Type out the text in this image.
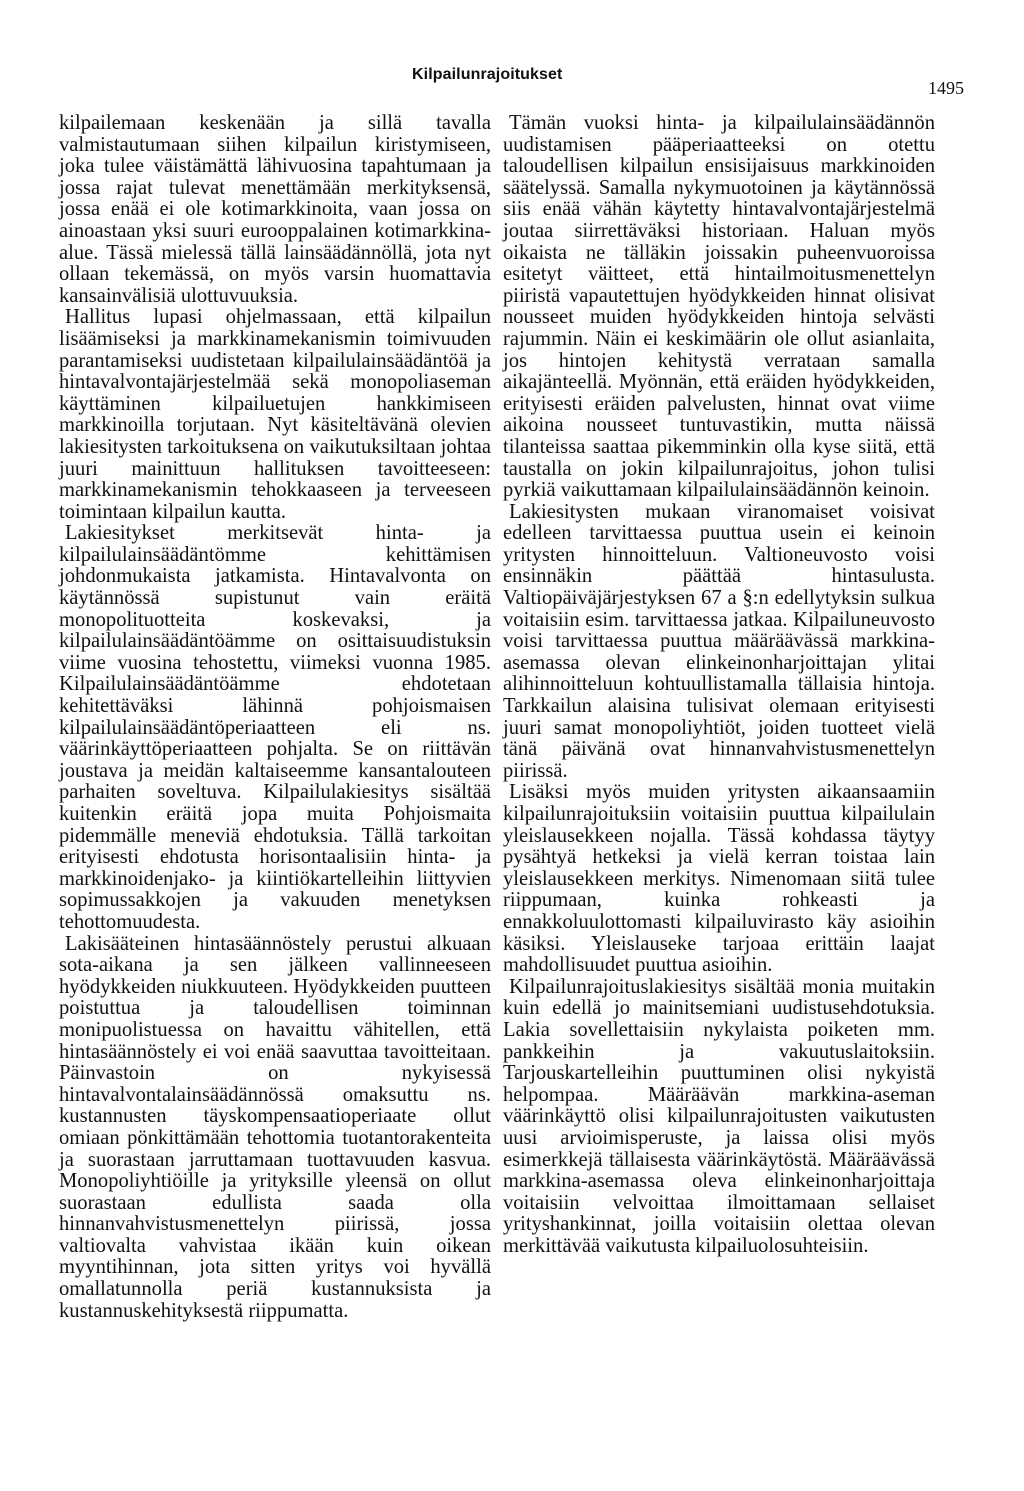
Kilpailunrajoitukset
1495

kilpailemaan keskenään ja sillä tavalla valmistautumaan siihen kilpailun kiristymiseen, joka tulee väistämättä lähivuosina tapahtumaan ja jossa rajat tulevat menettämään merkityksensä, jossa enää ei ole kotimarkkinoita, vaan jossa on ainoastaan yksi suuri eurooppalainen kotimarkkina-alue. Tässä mielessä tällä lainsäädännöllä, jota nyt ollaan tekemässä, on myös varsin huomattavia kansainvälisiä ulottuvuuksia.

Hallitus lupasi ohjelmassaan, että kilpailun lisäämiseksi ja markkinamekanismin toimivuuden parantamiseksi uudistetaan kilpailulainsäädäntöä ja hintavalvontajärjestelmää sekä monopoliaseman käyttäminen kilpailuetujen hankkimiseen markkinoilla torjutaan. Nyt käsiteltävänä olevien lakiesitysten tarkoituksena on vaikutuksiltaan johtaa juuri mainittuun hallituksen tavoitteeseen: markkinamekanismin tehokkaaseen ja terveeseen toimintaan kilpailun kautta.

Lakiesitykset merkitsevät hinta- ja kilpailulainsäädäntömme kehittämisen johdonmukaista jatkamista. Hintavalvonta on käytännössä supistunut vain eräitä monopolituotteita koskevaksi, ja kilpailulainsäädäntöämme on osittaisuudistuksin viime vuosina tehostettu, viimeksi vuonna 1985. Kilpailulainsäädäntöämme ehdotetaan kehitettäväksi lähinnä pohjoismaisen kilpailulainsäädäntöperiaatteen eli ns. väärinkäyttöperiaatteen pohjalta. Se on riittävän joustava ja meidän kaltaiseemme kansantalouteen parhaiten soveltuva. Kilpailulakiesitys sisältää kuitenkin eräitä jopa muita Pohjoismaita pidemmälle meneviä ehdotuksia. Tällä tarkoitan erityisesti ehdotusta horisontaalisiin hinta- ja markkinoidenjako- ja kiintiökartelleihin liittyvien sopimussakkojen ja vakuuden menetyksen tehottomuudesta.

Lakisääteinen hintasäännöstely perustui alkuaan sota-aikana ja sen jälkeen vallinneeseen hyödykkeiden niukkuuteen. Hyödykkeiden puutteen poistuttua ja taloudellisen toiminnan monipuolistuessa on havaittu vähitellen, että hintasäännöstely ei voi enää saavuttaa tavoitteitaan. Päinvastoin on nykyisessä hintavalvontalainsäädännössä omaksuttu ns. kustannusten täyskompensaatioperiaate ollut omiaan pönkittämään tehottomia tuotantorakenteita ja suorastaan jarruttamaan tuottavuuden kasvua. Monopoliyhtiöille ja yrityksille yleensä on ollut suorastaan edullista saada olla hinnanvahvistusmenettelyn piirissä, jossa valtiovalta vahvistaa ikään kuin oikean myyntihinnan, jota sitten yritys voi hyvällä omallatunnolla periä kustannuksista ja kustannuskehityksestä riippumatta.

Tämän vuoksi hinta- ja kilpailulainsäädännön uudistamisen pääperiaatteeksi on otettu taloudellisen kilpailun ensisijaisuus markkinoiden säätelyssä. Samalla nykymuotoinen ja käytännössä siis enää vähän käytetty hintavalvontajärjestelmä joutaa siirrettäväksi historiaan. Haluan myös oikaista ne tälläkin joissakin puheenvuoroissa esitetyt väitteet, että hintailmoitusmenettelyn piiristä vapautettujen hyödykkeiden hinnat olisivat nousseet muiden hyödykkeiden hintoja selvästi rajummin. Näin ei keskimäärin ole ollut asianlaita, jos hintojen kehitystä verrataan samalla aikajänteellä. Myönnän, että eräiden hyödykkeiden, erityisesti eräiden palvelusten, hinnat ovat viime aikoina nousseet tuntuvastikin, mutta näissä tilanteissa saattaa pikemminkin olla kyse siitä, että taustalla on jokin kilpailunrajoitus, johon tulisi pyrkiä vaikuttamaan kilpailulainsäädännön keinoin.

Lakiesitysten mukaan viranomaiset voisivat edelleen tarvittaessa puuttua usein ei keinoin yritysten hinnoitteluun. Valtioneuvosto voisi ensinnäkin päättää hintasulusta. Valtiopäiväjärjestyksen 67 a §:n edellytyksin sulkua voitaisiin esim. tarvittaessa jatkaa. Kilpailuneuvosto voisi tarvittaessa puuttua määräävässä markkina-asemassa olevan elinkeinonharjoittajan ylitai alihinnoitteluun kohtuullistamalla tällaisia hintoja. Tarkkailun alaisina tulisivat olemaan erityisesti juuri samat monopoliyhtiöt, joiden tuotteet vielä tänä päivänä ovat hinnanvahvistusmenettelyn piirissä.

Lisäksi myös muiden yritysten aikaansaamiin kilpailunrajoituksiin voitaisiin puuttua kilpailulain yleislausekkeen nojalla. Tässä kohdassa täytyy pysähtyä hetkeksi ja vielä kerran toistaa lain yleislausekkeen merkitys. Nimenomaan siitä tulee riippumaan, kuinka rohkeasti ja ennakkoluulottomasti kilpailuvirasto käy asioihin käsiksi. Yleislauseke tarjoaa erittäin laajat mahdollisuudet puuttua asioihin.

Kilpailunrajoituslakiesitys sisältää monia muitakin kuin edellä jo mainitsemiani uudistusehdotuksia. Lakia sovellettaisiin nykylaista poiketen mm. pankkeihin ja vakuutuslaitoksiin. Tarjouskartelleihin puuttuminen olisi nykyistä helpompaa. Määräävän markkina-aseman väärinkäyttö olisi kilpailunrajoitusten vaikutusten uusi arvioimisperuste, ja laissa olisi myös esimerkkejä tällaisesta väärinkäytöstä. Määräävässä markkina-asemassa oleva elinkeinonharjoittaja voitaisiin velvoittaa ilmoittamaan sellaiset yrityshankinnat, joilla voitaisiin olettaa olevan merkittävää vaikutusta kilpailuolosuhteisiin.
